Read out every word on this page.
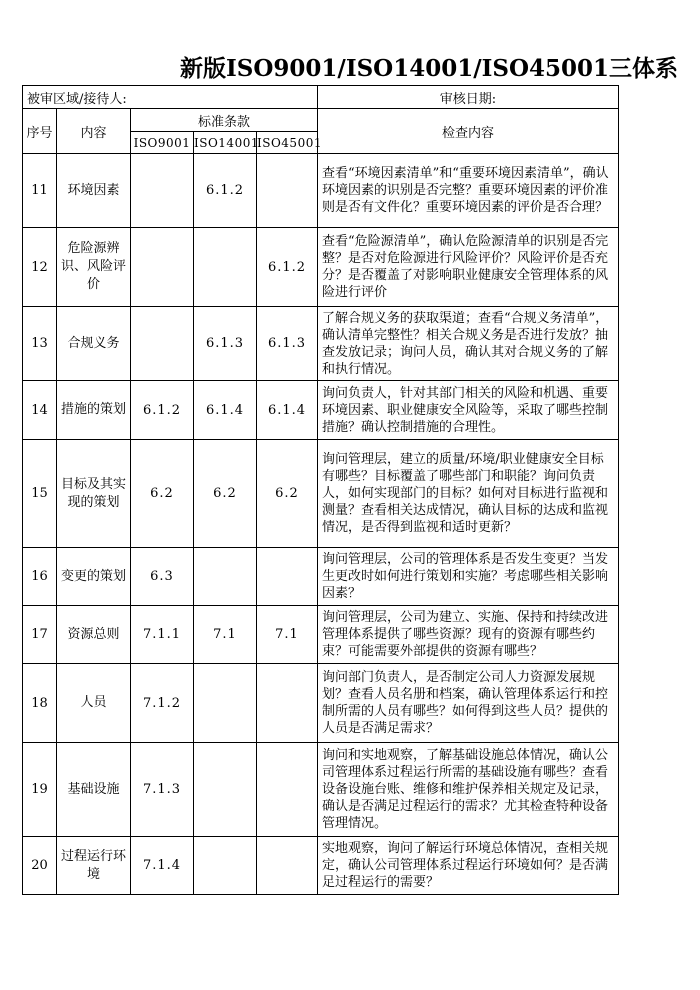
新版ISO9001/ISO14001/ISO45001三体系
被审区域/接待人:					审核日期:
序号	内容	标准条款			检查内容
		ISO9001	ISO14001	ISO45001	
11	环境因素		6.1.2		查看“环境因素清单”和“重要环境因素清单”，确认环境因素的识别是否完整？重要环境因素的评价准则是否有文件化？重要环境因素的评价是否合理？
12	危险源辨识、风险评价			6.1.2	查看“危险源清单”，确认危险源清单的识别是否完整？是否对危险源进行风险评价？风险评价是否充分？是否覆盖了对影响职业健康安全管理体系的风险进行评价
13	合规义务		6.1.3	6.1.3	了解合规义务的获取渠道；查看“合规义务清单”，确认清单完整性？相关合规义务是否进行发放？抽查发放记录；询问人员，确认其对合规义务的了解和执行情况。
14	措施的策划	6.1.2	6.1.4	6.1.4	询问负责人，针对其部门相关的风险和机遇、重要环境因素、职业健康安全风险等，采取了哪些控制措施？确认控制措施的合理性。
15	目标及其实现的策划	6.2	6.2	6.2	询问管理层，建立的质量/环境/职业健康安全目标有哪些？目标覆盖了哪些部门和职能？询问负责人，如何实现部门的目标？如何对目标进行监视和测量？查看相关达成情况，确认目标的达成和监视情况，是否得到监视和适时更新？
16	变更的策划	6.3			询问管理层，公司的管理体系是否发生变更？当发生更改时如何进行策划和实施？考虑哪些相关影响因素？
17	资源总则	7.1.1	7.1	7.1	询问管理层，公司为建立、实施、保持和持续改进管理体系提供了哪些资源？现有的资源有哪些约束？可能需要外部提供的资源有哪些？
18	人员	7.1.2			询问部门负责人，是否制定公司人力资源发展规划？查看人员名册和档案，确认管理体系运行和控制所需的人员有哪些？如何得到这些人员？提供的人员是否满足需求？
19	基础设施	7.1.3			询问和实地观察，了解基础设施总体情况，确认公司管理体系过程运行所需的基础设施有哪些？查看设备设施台账、维修和维护保养相关规定及记录，确认是否满足过程运行的需求？尤其检查特种设备管理情况。
20	过程运行环境	7.1.4			实地观察，询问了解运行环境总体情况，查相关规定，确认公司管理体系过程运行环境如何？是否满足过程运行的需要？
